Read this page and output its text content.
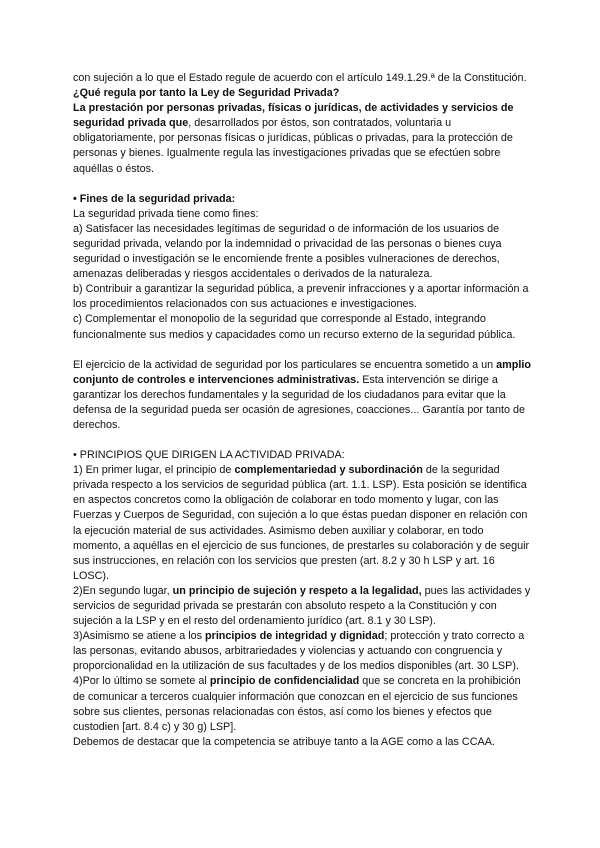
con sujeción a lo que el Estado regule de acuerdo con el artículo 149.1.29.ª de la Constitución.

¿Qué regula por tanto la Ley de Seguridad Privada?

La prestación por personas privadas, físicas o jurídicas, de actividades y servicios de seguridad privada que, desarrollados por éstos, son contratados, voluntaria u obligatoriamente, por personas físicas o jurídicas, públicas o privadas, para la protección de personas y bienes. Igualmente regula las investigaciones privadas que se efectúen sobre aquéllas o éstos.

• Fines de la seguridad privada:

La seguridad privada tiene como fines:

a) Satisfacer las necesidades legítimas de seguridad o de información de los usuarios de seguridad privada, velando por la indemnidad o privacidad de las personas o bienes cuya seguridad o investigación se le encomiende frente a posibles vulneraciones de derechos, amenazas deliberadas y riesgos accidentales o derivados de la naturaleza.

b) Contribuir a garantizar la seguridad pública, a prevenir infracciones y a aportar información a los procedimientos relacionados con sus actuaciones e investigaciones.

c) Complementar el monopolio de la seguridad que corresponde al Estado, integrando funcionalmente sus medios y capacidades como un recurso externo de la seguridad pública.

El ejercicio de la actividad de seguridad por los particulares se encuentra sometido a un amplio conjunto de controles e intervenciones administrativas. Esta intervención se dirige a garantizar los derechos fundamentales y la seguridad de los ciudadanos para evitar que la defensa de la seguridad pueda ser ocasión de agresiones, coacciones... Garantía por tanto de derechos.

• PRINCIPIOS QUE DIRIGEN LA ACTIVIDAD PRIVADA:

1) En primer lugar, el principio de complementariedad y subordinación de la seguridad privada respecto a los servicios de seguridad pública (art. 1.1. LSP). Esta posición se identifica en aspectos concretos como la obligación de colaborar en todo momento y lugar, con las Fuerzas y Cuerpos de Seguridad, con sujeción a lo que éstas puedan disponer en relación con la ejecución material de sus actividades. Asimismo deben auxiliar y colaborar, en todo momento, a aquéllas en el ejercicio de sus funciones, de prestarles su colaboración y de seguir sus instrucciones, en relación con los servicios que presten (art. 8.2 y 30 h LSP y art. 16 LOSC).

2)En segundo lugar, un principio de sujeción y respeto a la legalidad, pues las actividades y servicios de seguridad privada se prestarán con absoluto respeto a la Constitución y con sujeción a la LSP y en el resto del ordenamiento jurídico (art. 8.1 y 30 LSP).

3)Asimismo se atiene a los principios de integridad y dignidad; protección y trato correcto a las personas, evitando abusos, arbitrariedades y violencias y actuando con congruencia y proporcionalidad en la utilización de sus facultades y de los medios disponibles (art. 30 LSP).

4)Por lo último se somete al principio de confidencialidad que se concreta en la prohibición de comunicar a terceros cualquier información que conozcan en el ejercicio de sus funciones sobre sus clientes, personas relacionadas con éstos, así como los bienes y efectos que custodien [art. 8.4 c) y 30 g) LSP].

Debemos de destacar que la competencia se atribuye tanto a la AGE como a las CCAA.
